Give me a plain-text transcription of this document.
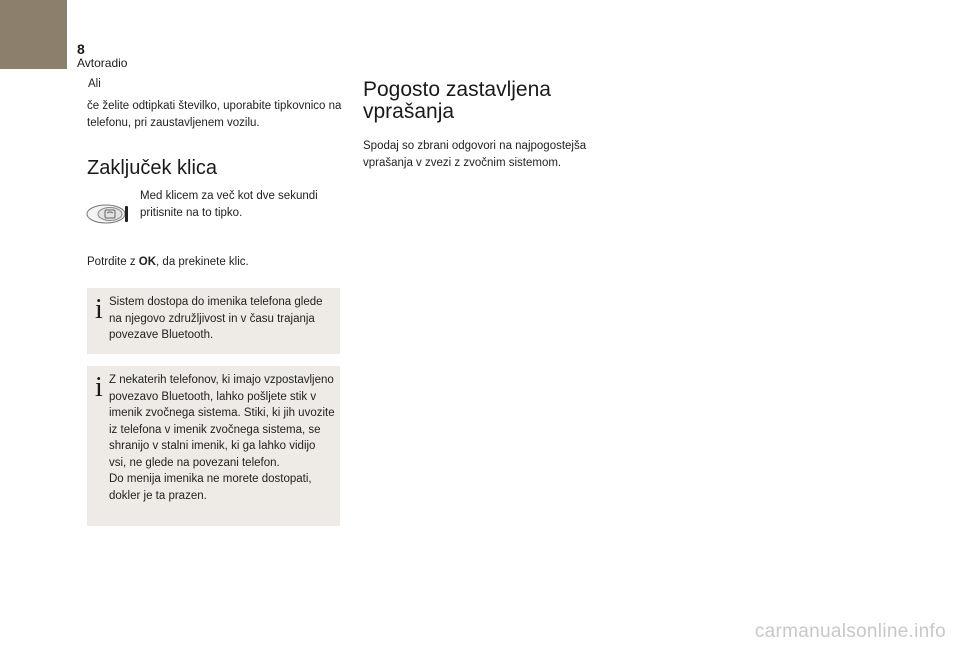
8
Avtoradio
Ali
če želite odtipkati številko, uporabite tipkovnico na telefonu, pri zaustavljenem vozilu.
Zaključek klica
Med klicem za več kot dve sekundi pritisnite na to tipko.
Potrdite z OK, da prekinete klic.
i Sistem dostopa do imenika telefona glede na njegovo združljivost in v času trajanja povezave Bluetooth.
i Z nekaterih telefonov, ki imajo vzpostavljeno povezavo Bluetooth, lahko pošljete stik v imenik zvočnega sistema. Stiki, ki jih uvozite iz telefona v imenik zvočnega sistema, se shranijo v stalni imenik, ki ga lahko vidijo vsi, ne glede na povezani telefon.
Do menija imenika ne morete dostopati, dokler je ta prazen.
Pogosto zastavljena
vprašanja
Spodaj so zbrani odgovori na najpogostejša vprašanja v zvezi z zvočnim sistemom.
carmanualsonline.info
